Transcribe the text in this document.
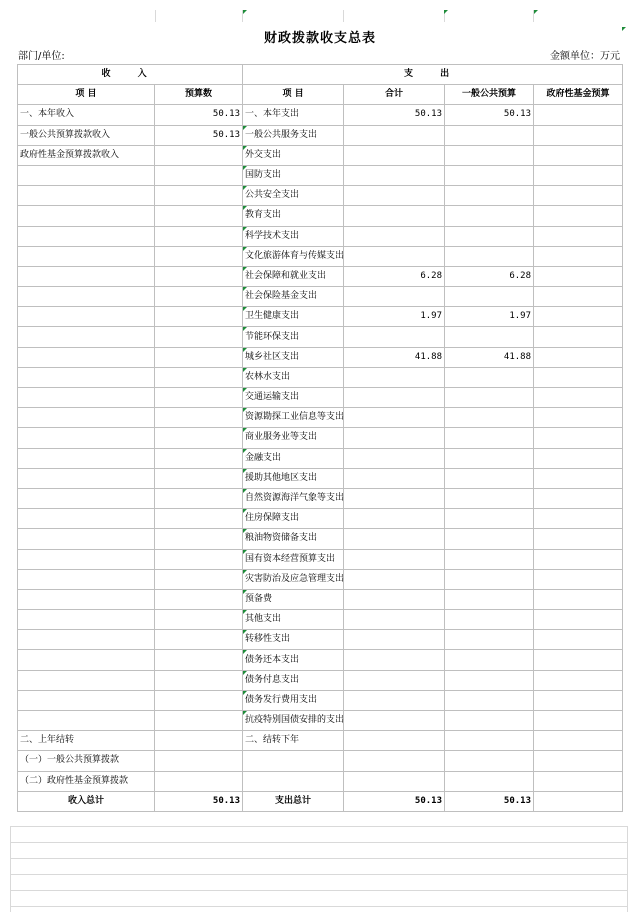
财政拨款收支总表
部门/单位:	金额单位：万元
收 入		支 出			
项 目	预算数	项 目	合计	一般公共预算	政府性基金预算
一、本年收入	50.13	一、本年支出	50.13	50.13	
一般公共预算拨款收入	50.13	一般公共服务支出			
政府性基金预算拨款收入		外交支出			
		国防支出			
		公共安全支出			
		教育支出			
		科学技术支出			
		文化旅游体育与传媒支出			
		社会保障和就业支出	6.28	6.28	
		社会保险基金支出			
		卫生健康支出	1.97	1.97	
		节能环保支出			
		城乡社区支出	41.88	41.88	
		农林水支出			
		交通运输支出			
		资源勘探工业信息等支出			
		商业服务业等支出			
		金融支出			
		援助其他地区支出			
		自然资源海洋气象等支出			
		住房保障支出			
		粮油物资储备支出			
		国有资本经营预算支出			
		灾害防治及应急管理支出			
		预备费			
		其他支出			
		转移性支出			
		债务还本支出			
		债务付息支出			
		债务发行费用支出			
		抗疫特别国债安排的支出			
二、上年结转		二、结转下年			
（一）一般公共预算拨款					
（二）政府性基金预算拨款					
收入总计	50.13	支出总计	50.13	50.13	
